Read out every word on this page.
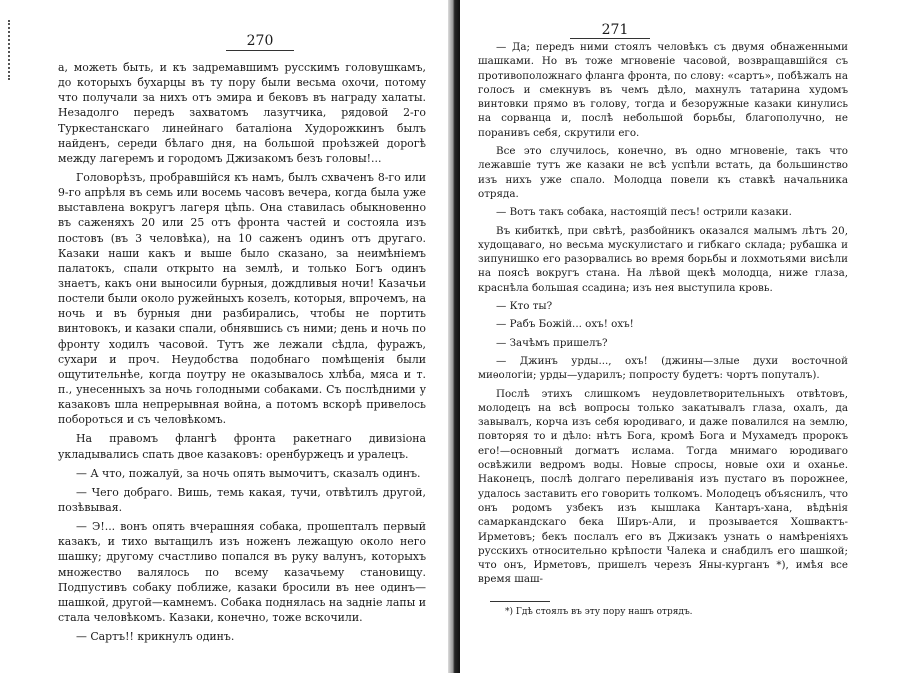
270

а, можеть быть, и къ задремавшимъ русскимъ головушкамъ, до которыхъ бухарцы въ ту пору были весьма охочи, потому что получали за нихъ отъ эмира и бековъ въ награду халаты. Незадолго передъ захватомъ лазутчика, рядовой 2-го Туркестанскаго линейнаго баталіона Худорожкинъ былъ найденъ, середи бѣлаго дня, на большой проѣзжей дорогѣ между лагеремъ и городомъ Джизакомъ безъ головы!...

Головорѣзъ, пробравшійся къ намъ, былъ схваченъ 8-го или 9-го апрѣля въ семь или восемь часовъ вечера, когда была уже выставлена вокругъ лагеря цѣпь. Она ставилась обыкновенно въ саженяхъ 20 или 25 отъ фронта частей и состояла изъ постовъ (въ 3 человѣка), на 10 саженъ одинъ отъ другаго. Казаки наши какъ и выше было сказано, за неимѣніемъ палатокъ, спали открыто на землѣ, и только Богъ одинъ знаетъ, какъ они выносили бурныя, дождливыя ночи! Казачьи постели были около ружейныхъ козелъ, которыя, впрочемъ, на ночь и въ бурныя дни разбирались, чтобы не портить винтовокъ, и казаки спали, обнявшись съ ними; день и ночь по фронту ходилъ часовой. Тутъ же лежали сѣдла, фуражъ, сухари и проч. Неудобства подобнаго помѣщенія были ощутительнѣе, когда поутру не оказывалось хлѣба, мяса и т. п., унесенныхъ за ночь голодными собаками. Съ послѣдними у казаковъ шла непрерывная война, а потомъ вскорѣ привелось побороться и съ человѣкомъ.

На правомъ флангѣ фронта ракетнаго дивизіона укладывались спать двое казаковъ: оренбуржецъ и уралецъ.

— А что, пожалуй, за ночь опять вымочитъ, сказалъ одинъ.

— Чего добраго. Вишь, темь какая, тучи, отвѣтилъ другой, позѣвывая.

— Э!... вонъ опять вчерашняя собака, прошепталъ первый казакъ, и тихо вытащилъ изъ ноженъ лежащую около него шашку; другому счастливо попался въ руку валунъ, которыхъ множество валялось по всему казачьему становищу. Подпустивъ собаку поближе, казаки бросили въ нее одинъ—шашкой, другой—камнемъ. Собака поднялась на задніе лапы и стала человѣкомъ. Казаки, конечно, тоже вскочили.

— Сартъ!! крикнулъ одинъ.

271

— Да; передъ ними стоялъ человѣкъ съ двумя обнаженными шашками. Но въ тоже мгновеніе часовой, возвращавшійся съ противоположнаго фланга фронта, по слову: «сартъ», побѣжалъ на голосъ и смекнувъ въ чемъ дѣло, махнулъ татарина худомъ винтовки прямо въ голову, тогда и безоружные казаки кинулись на сорванца и, послѣ небольшой борьбы, благополучно, не поранивъ себя, скрутили его.

Все это случилось, конечно, въ одно мгновеніе, такъ что лежавшіе тутъ же казаки не всѣ успѣли встать, да большинство изъ нихъ уже спало. Молодца повели къ ставкѣ начальника отряда.

— Вотъ такъ собака, настоящій песъ! острили казаки.

Въ кибиткѣ, при свѣтѣ, разбойникъ оказался малымъ лѣтъ 20, худощаваго, но весьма мускулистаго и гибкаго склада; рубашка и зипунишко его разорвались во время борьбы и лохмотьями висѣли на поясѣ вокругъ стана. На лѣвой щекѣ молодца, ниже глаза, краснѣла большая ссадина; изъ нея выступила кровь.

— Кто ты?

— Рабъ Божій... охъ! охъ!

— Зачѣмъ пришелъ?

— Джинъ урды..., охъ! (джины—злые духи восточной миѳологіи; урды—ударилъ; попросту будетъ: чортъ попуталъ).

Послѣ этихъ слишкомъ неудовлетворительныхъ отвѣтовъ, молодецъ на всѣ вопросы только закатывалъ глаза, охалъ, да завывалъ, корча изъ себя юродиваго, и даже повалился на землю, повторяя то и дѣло: нѣтъ Бога, кромѣ Бога и Мухамедъ пророкъ его!—основный догматъ ислама. Тогда мнимаго юродиваго освѣжили ведромъ воды. Новые спросы, новые охи и оханье. Наконецъ, послѣ долгаго переливанія изъ пустаго въ порожнее, удалось заставить его говорить толкомъ. Молодецъ объяснилъ, что онъ родомъ узбекъ изъ кышлака Кантаръ-хана, вѣдѣнія самаркандскаго бека Ширъ-Али, и прозывается Хошвактъ-Ирметовъ; бекъ послалъ его въ Джизакъ узнать о намѣреніяхъ русскихъ относительно крѣпости Чалека и снабдилъ его шашкой; что онъ, Ирметовъ, пришелъ черезъ Яны-курганъ *), имѣя все время шаш-

*) Гдѣ стоялъ въ эту пору нашъ отрядъ.
